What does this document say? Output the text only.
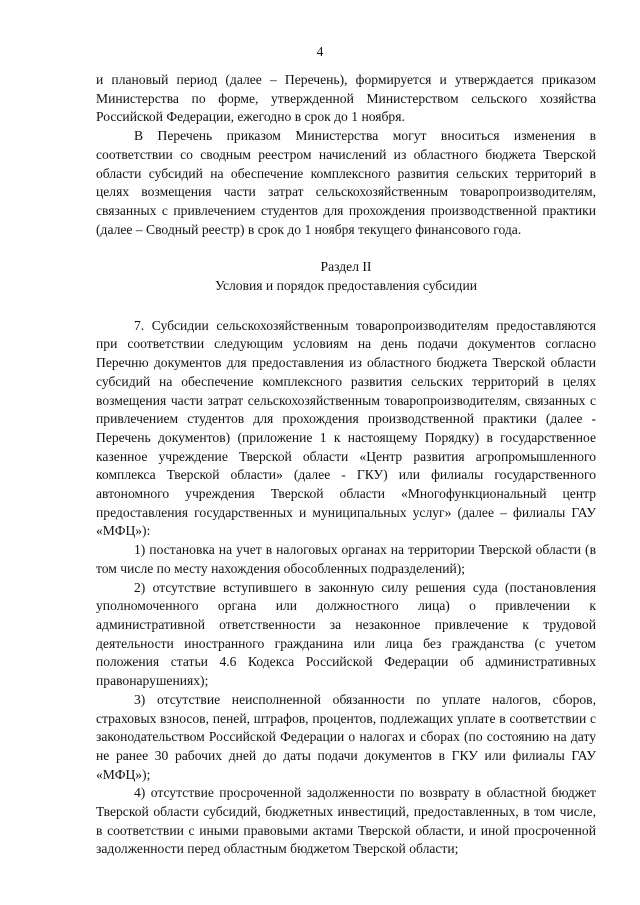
4

и плановый период (далее – Перечень), формируется и утверждается приказом Министерства по форме, утвержденной Министерством сельского хозяйства Российской Федерации, ежегодно в срок до 1 ноября.

В Перечень приказом Министерства могут вноситься изменения в соответствии со сводным реестром начислений из областного бюджета Тверской области субсидий на обеспечение комплексного развития сельских территорий в целях возмещения части затрат сельскохозяйственным товаропроизводителям, связанных с привлечением студентов для прохождения производственной практики (далее – Сводный реестр) в срок до 1 ноября текущего финансового года.

Раздел II

Условия и порядок предоставления субсидии

7. Субсидии сельскохозяйственным товаропроизводителям предоставляются при соответствии следующим условиям на день подачи документов согласно Перечню документов для предоставления из областного бюджета Тверской области субсидий на обеспечение комплексного развития сельских территорий в целях возмещения части затрат сельскохозяйственным товаропроизводителям, связанных с привлечением студентов для прохождения производственной практики (далее - Перечень документов) (приложение 1 к настоящему Порядку) в государственное казенное учреждение Тверской области «Центр развития агропромышленного комплекса Тверской области» (далее - ГКУ) или филиалы государственного автономного учреждения Тверской области «Многофункциональный центр предоставления государственных и муниципальных услуг» (далее – филиалы ГАУ «МФЦ»):

1) постановка на учет в налоговых органах на территории Тверской области (в том числе по месту нахождения обособленных подразделений);

2) отсутствие вступившего в законную силу решения суда (постановления уполномоченного органа или должностного лица) о привлечении к административной ответственности за незаконное привлечение к трудовой деятельности иностранного гражданина или лица без гражданства (с учетом положения статьи 4.6 Кодекса Российской Федерации об административных правонарушениях);

3) отсутствие неисполненной обязанности по уплате налогов, сборов, страховых взносов, пеней, штрафов, процентов, подлежащих уплате в соответствии с законодательством Российской Федерации о налогах и сборах (по состоянию на дату не ранее 30 рабочих дней до даты подачи документов в ГКУ или филиалы ГАУ «МФЦ»);

4) отсутствие просроченной задолженности по возврату в областной бюджет Тверской области субсидий, бюджетных инвестиций, предоставленных, в том числе, в соответствии с иными правовыми актами Тверской области, и иной просроченной задолженности перед областным бюджетом Тверской области;
